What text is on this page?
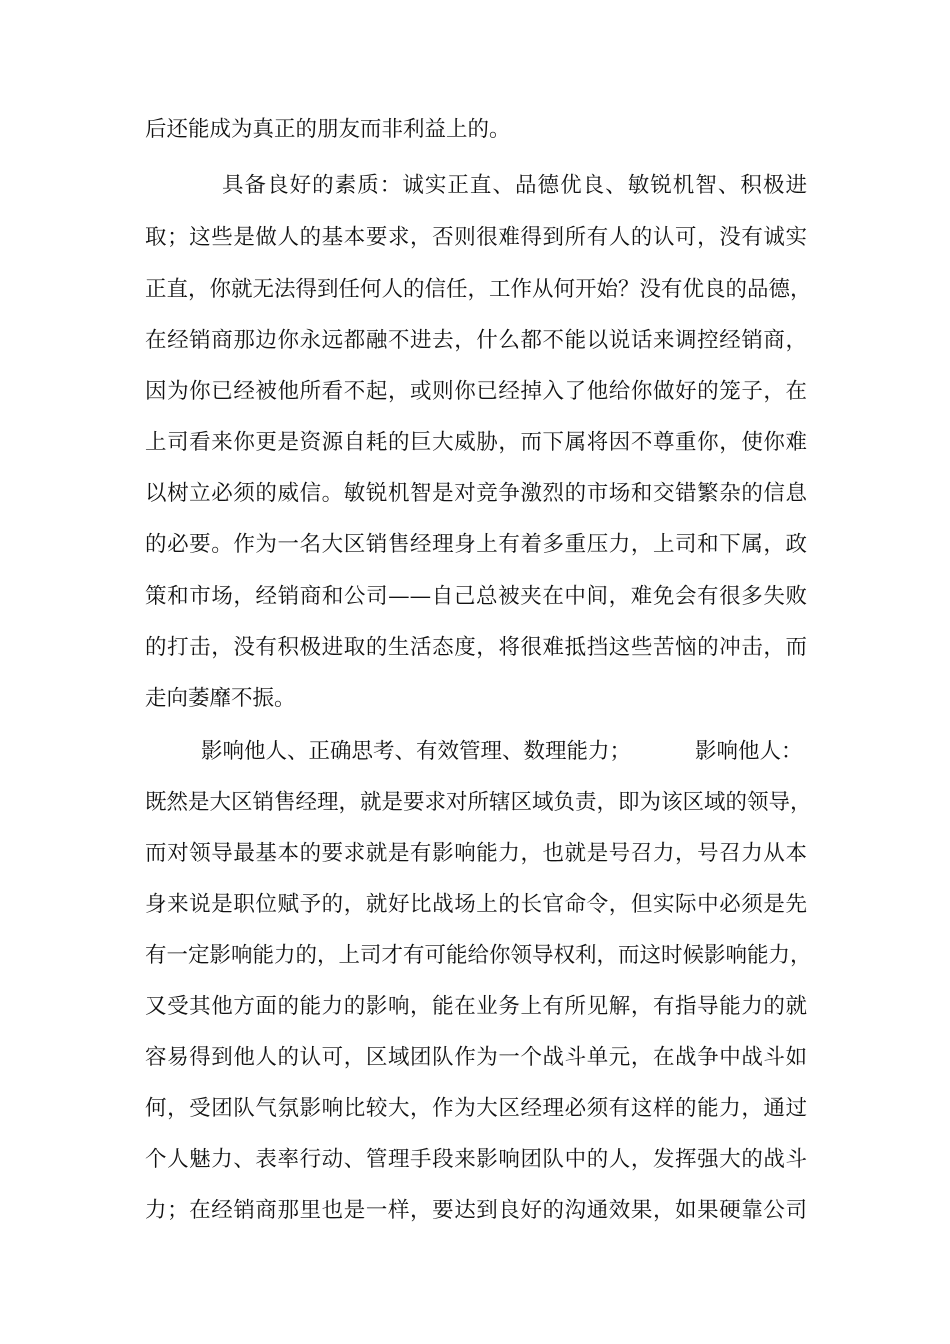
后还能成为真正的朋友而非利益上的。
具备良好的素质：诚实正直、品德优良、敏锐机智、积极进
取；这些是做人的基本要求，否则很难得到所有人的认可，没有诚实
正直，你就无法得到任何人的信任，工作从何开始？没有优良的品德，
在经销商那边你永远都融不进去，什么都不能以说话来调控经销商，
因为你已经被他所看不起，或则你已经掉入了他给你做好的笼子，在
上司看来你更是资源自耗的巨大威胁，而下属将因不尊重你，使你难
以树立必须的威信。敏锐机智是对竞争激烈的市场和交错繁杂的信息
的必要。作为一名大区销售经理身上有着多重压力，上司和下属，政
策和市场，经销商和公司——自己总被夹在中间，难免会有很多失败
的打击，没有积极进取的生活态度，将很难抵挡这些苦恼的冲击，而
走向萎靡不振。
影响他人、正确思考、有效管理、数理能力；	影响他人：
既然是大区销售经理，就是要求对所辖区域负责，即为该区域的领导，
而对领导最基本的要求就是有影响能力，也就是号召力，号召力从本
身来说是职位赋予的，就好比战场上的长官命令，但实际中必须是先
有一定影响能力的，上司才有可能给你领导权利，而这时候影响能力，
又受其他方面的能力的影响，能在业务上有所见解，有指导能力的就
容易得到他人的认可，区域团队作为一个战斗单元，在战争中战斗如
何，受团队气氛影响比较大，作为大区经理必须有这样的能力，通过
个人魅力、表率行动、管理手段来影响团队中的人，发挥强大的战斗
力；在经销商那里也是一样，要达到良好的沟通效果，如果硬靠公司
